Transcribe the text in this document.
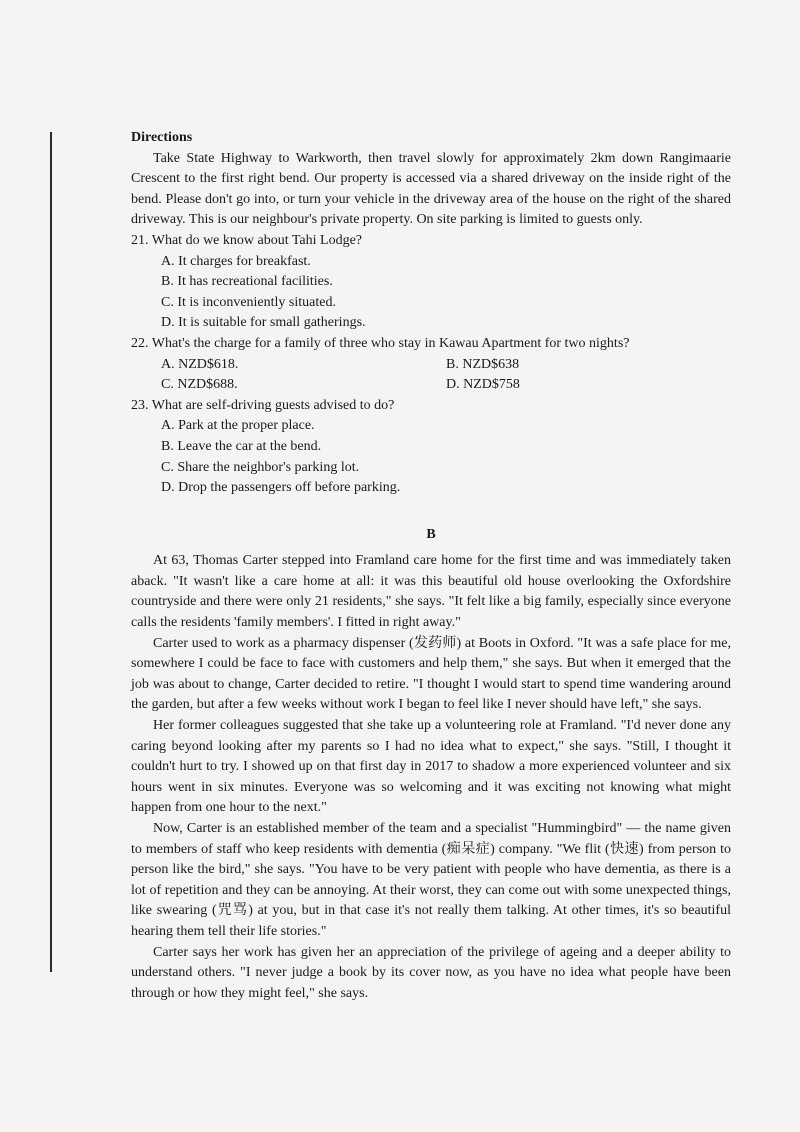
Directions

Take State Highway to Warkworth, then travel slowly for approximately 2km down Rangimaarie Crescent to the first right bend. Our property is accessed via a shared driveway on the inside right of the bend. Please don't go into, or turn your vehicle in the driveway area of the house on the right of the shared driveway. This is our neighbour's private property. On site parking is limited to guests only.

21. What do we know about Tahi Lodge?

A. It charges for breakfast.

B. It has recreational facilities.

C. It is inconveniently situated.

D. It is suitable for small gatherings.

22. What's the charge for a family of three who stay in Kawau Apartment for two nights?

A. NZD$618.	B. NZD$638
C. NZD$688.	D. NZD$758

23. What are self-driving guests advised to do?

A. Park at the proper place.

B. Leave the car at the bend.

C. Share the neighbor's parking lot.

D. Drop the passengers off before parking.

B

At 63, Thomas Carter stepped into Framland care home for the first time and was immediately taken aback. "It wasn't like a care home at all: it was this beautiful old house overlooking the Oxfordshire countryside and there were only 21 residents," she says. "It felt like a big family, especially since everyone calls the residents 'family members'. I fitted in right away."

Carter used to work as a pharmacy dispenser (发药师) at Boots in Oxford. "It was a safe place for me, somewhere I could be face to face with customers and help them," she says. But when it emerged that the job was about to change, Carter decided to retire. "I thought I would start to spend time wandering around the garden, but after a few weeks without work I began to feel like I never should have left," she says.

Her former colleagues suggested that she take up a volunteering role at Framland. "I'd never done any caring beyond looking after my parents so I had no idea what to expect," she says. "Still, I thought it couldn't hurt to try. I showed up on that first day in 2017 to shadow a more experienced volunteer and six hours went in six minutes. Everyone was so welcoming and it was exciting not knowing what might happen from one hour to the next."

Now, Carter is an established member of the team and a specialist "Hummingbird" — the name given to members of staff who keep residents with dementia (痴呆症) company. "We flit (快速) from person to person like the bird," she says. "You have to be very patient with people who have dementia, as there is a lot of repetition and they can be annoying. At their worst, they can come out with some unexpected things, like swearing (咒骂) at you, but in that case it's not really them talking. At other times, it's so beautiful hearing them tell their life stories."

Carter says her work has given her an appreciation of the privilege of ageing and a deeper ability to understand others. "I never judge a book by its cover now, as you have no idea what people have been through or how they might feel," she says.
